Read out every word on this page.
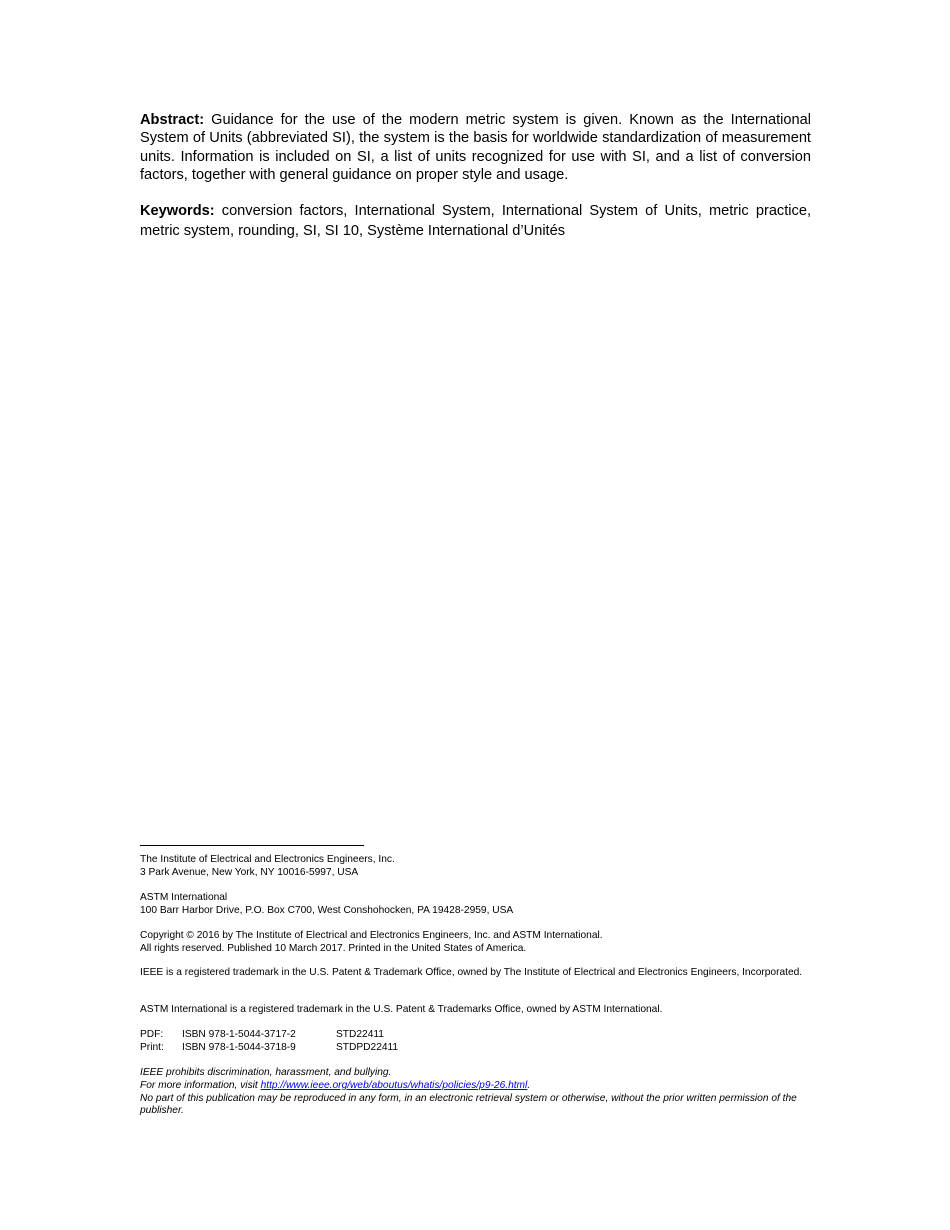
Abstract: Guidance for the use of the modern metric system is given. Known as the International System of Units (abbreviated SI), the system is the basis for worldwide standardization of measurement units. Information is included on SI, a list of units recognized for use with SI, and a list of conversion factors, together with general guidance on proper style and usage.

Keywords: conversion factors, International System, International System of Units, metric practice, metric system, rounding, SI, SI 10, Système International d’Unités

The Institute of Electrical and Electronics Engineers, Inc.
3 Park Avenue, New York, NY 10016-5997, USA
ASTM International
100 Barr Harbor Drive, P.O. Box C700, West Conshohocken, PA 19428-2959, USA
Copyright © 2016 by The Institute of Electrical and Electronics Engineers, Inc. and ASTM International.
All rights reserved. Published 10 March 2017. Printed in the United States of America.
IEEE is a registered trademark in the U.S. Patent & Trademark Office, owned by The Institute of Electrical and Electronics Engineers, Incorporated.
ASTM International is a registered trademark in the U.S. Patent & Trademarks Office, owned by ASTM International.
PDF:	ISBN 978-1-5044-3717-2	STD22411
Print:	ISBN 978-1-5044-3718-9	STDPD22411
IEEE prohibits discrimination, harassment, and bullying.
For more information, visit http://www.ieee.org/web/aboutus/whatis/policies/p9-26.html.
No part of this publication may be reproduced in any form, in an electronic retrieval system or otherwise, without the prior written permission of the publisher.
